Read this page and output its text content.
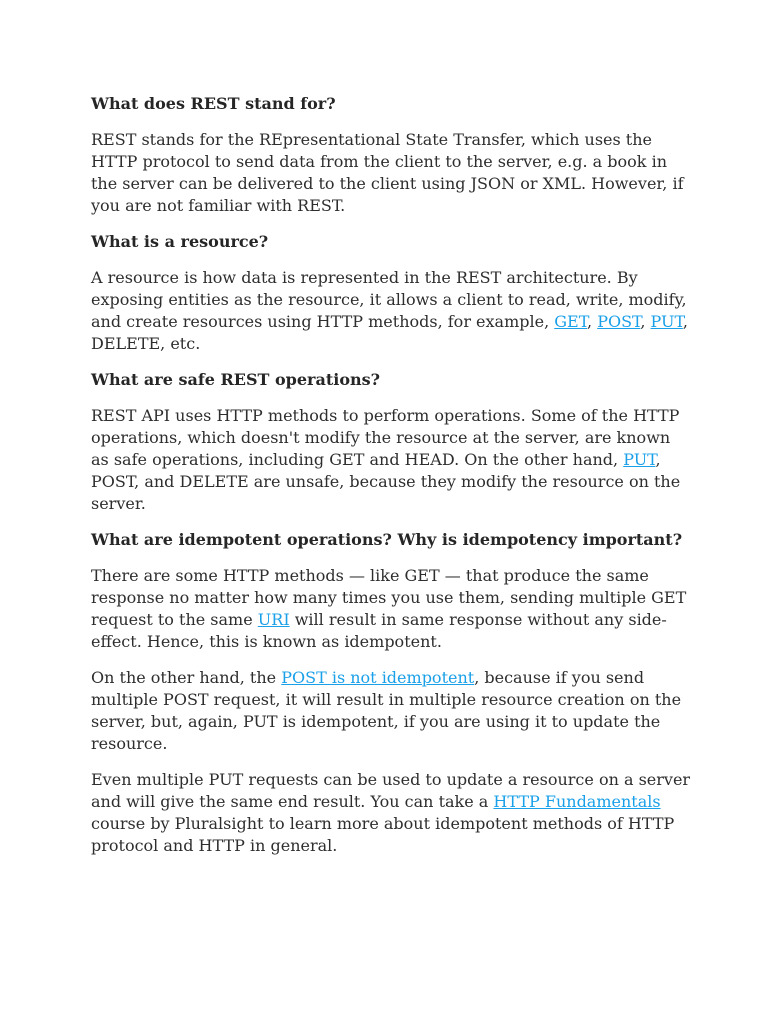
What does REST stand for?

REST stands for the REpresentational State Transfer, which uses the HTTP protocol to send data from the client to the server, e.g. a book in the server can be delivered to the client using JSON or XML. However, if you are not familiar with REST.

What is a resource?

A resource is how data is represented in the REST architecture. By exposing entities as the resource, it allows a client to read, write, modify, and create resources using HTTP methods, for example, GET, POST, PUT, DELETE, etc.

What are safe REST operations?

REST API uses HTTP methods to perform operations. Some of the HTTP operations, which doesn't modify the resource at the server, are known as safe operations, including GET and HEAD. On the other hand, PUT, POST, and DELETE are unsafe, because they modify the resource on the server.

What are idempotent operations? Why is idempotency important?

There are some HTTP methods — like GET — that produce the same response no matter how many times you use them, sending multiple GET request to the same URI will result in same response without any side-effect. Hence, this is known as idempotent.

On the other hand, the POST is not idempotent, because if you send multiple POST request, it will result in multiple resource creation on the server, but, again, PUT is idempotent, if you are using it to update the resource.

Even multiple PUT requests can be used to update a resource on a server and will give the same end result. You can take a HTTP Fundamentals course by Pluralsight to learn more about idempotent methods of HTTP protocol and HTTP in general.
